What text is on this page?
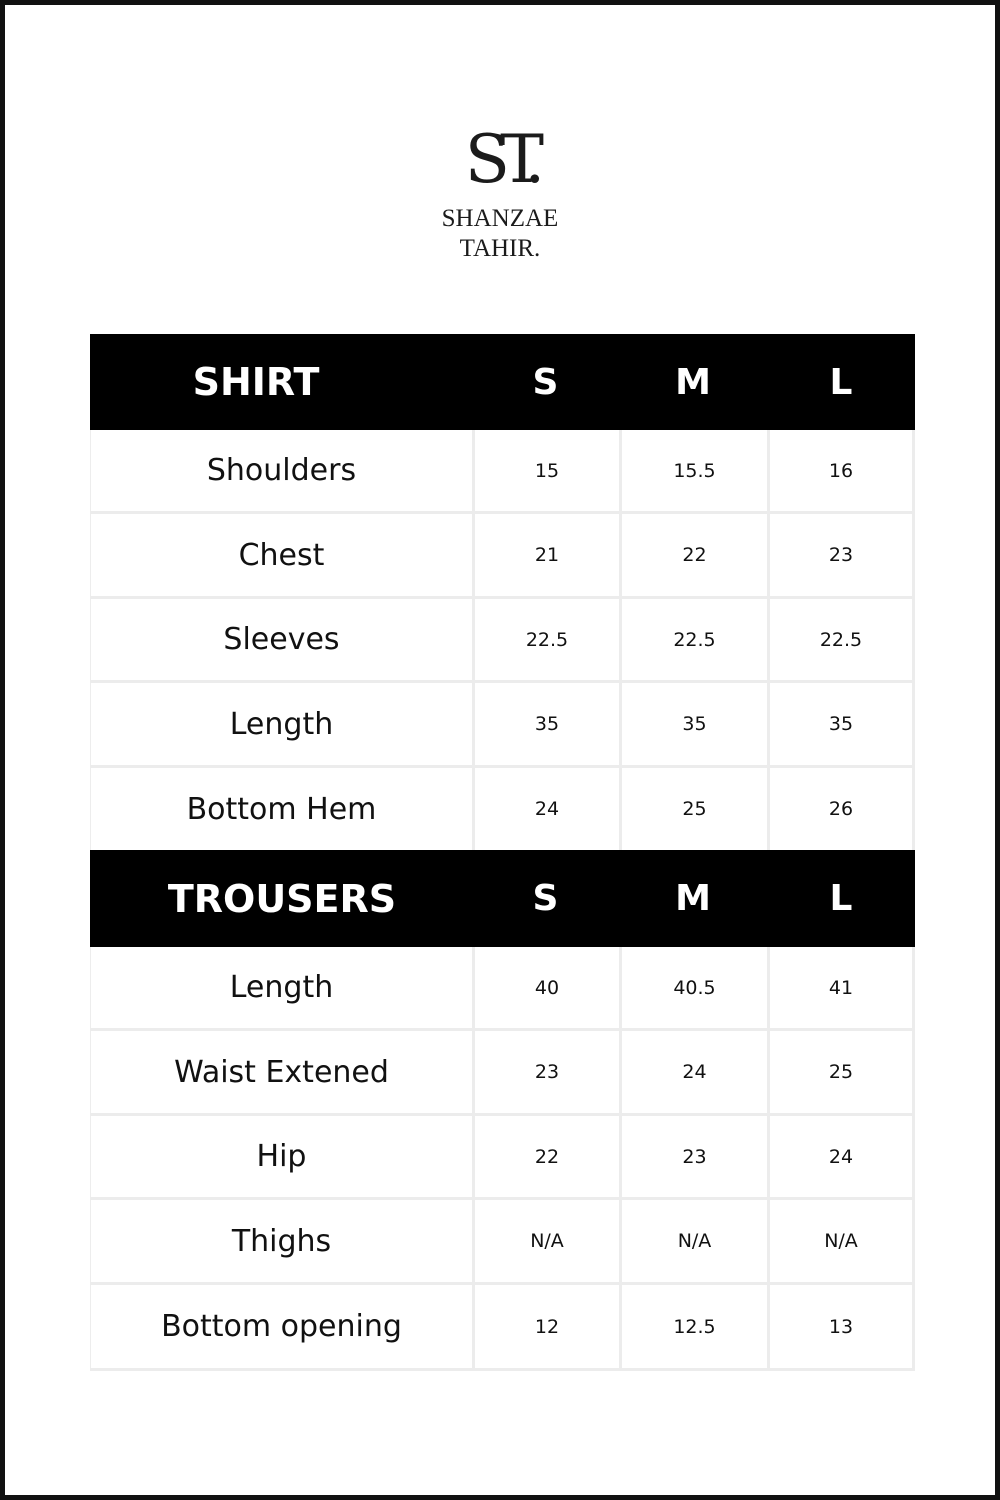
ST.
SHANZAE TAHIR.
SHIRT	S	M	L
Shoulders	15	15.5	16
Chest	21	22	23
Sleeves	22.5	22.5	22.5
Length	35	35	35
Bottom Hem	24	25	26
TROUSERS	S	M	L
Length	40	40.5	41
Waist Extened	23	24	25
Hip	22	23	24
Thighs	N/A	N/A	N/A
Bottom opening	12	12.5	13
